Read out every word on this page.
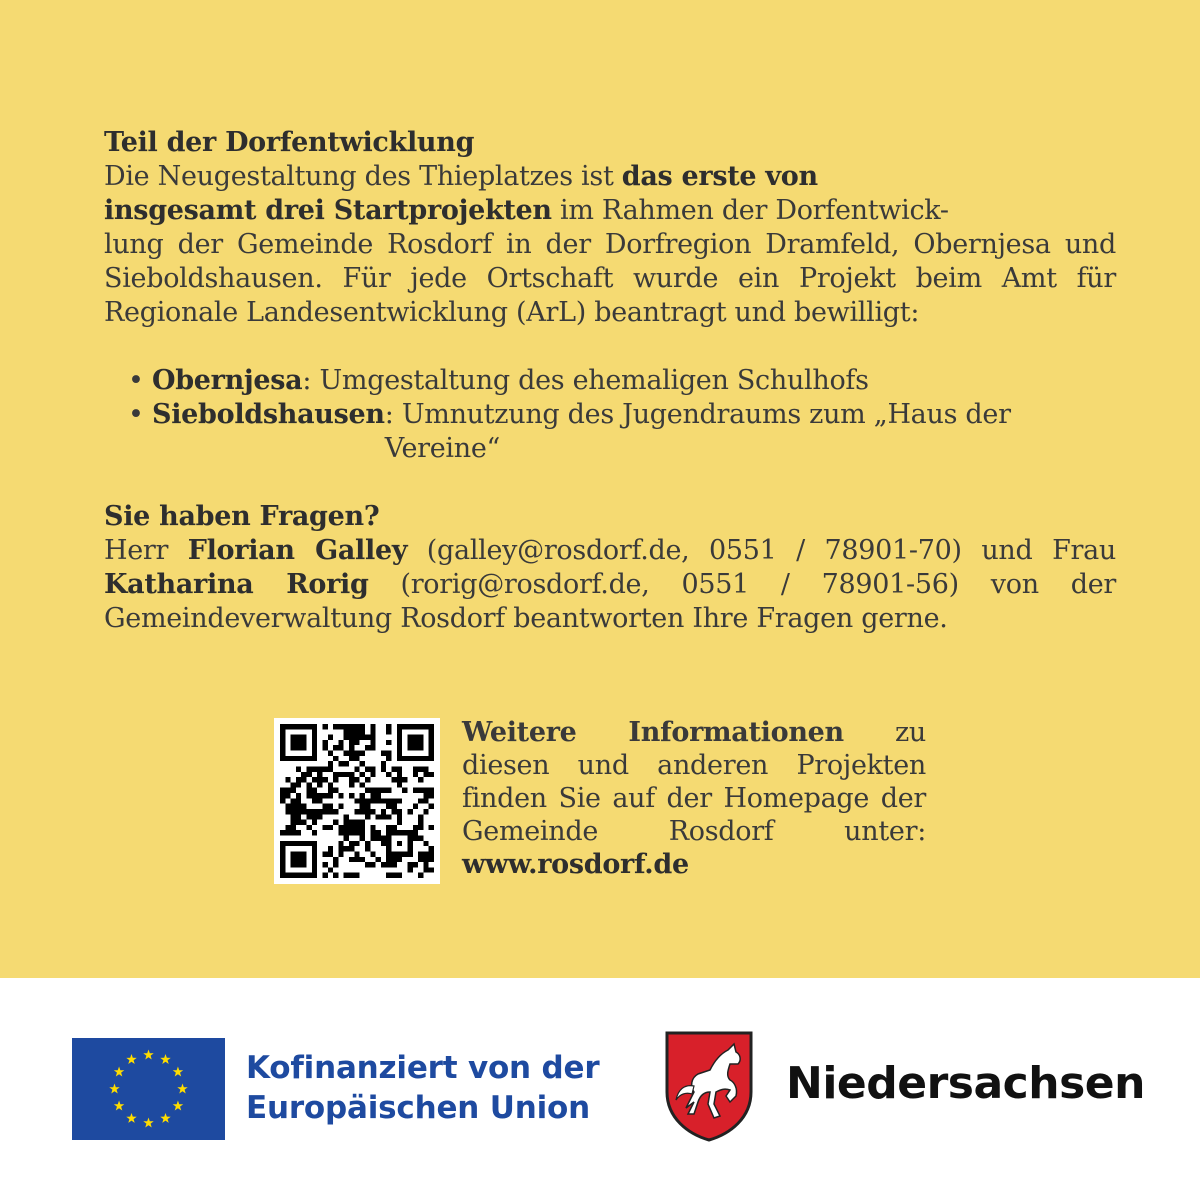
Teil der Dorfentwicklung
Die Neugestaltung des Thieplatzes ist das erste von
insgesamt drei Startprojekten im Rahmen der Dorfentwick-
lung der Gemeinde Rosdorf in der Dorfregion Dramfeld, Obernjesa und Sieboldshausen. Für jede Ortschaft wurde ein Projekt beim Amt für Regionale Landesentwicklung (ArL) beantragt und bewilligt:
• Obernjesa : Umgestaltung des ehemaligen Schulhofs
• Sieboldshausen : Umnutzung des Jugendraums zum „Haus der Vereine“
Sie haben Fragen?
Herr Florian Galley (galley@rosdorf.de, 0551 / 78901-70) und Frau Katharina Rorig (rorig@rosdorf.de, 0551 / 78901-56) von der Gemeindeverwaltung Rosdorf beantworten Ihre Fragen gerne.
Weitere Informationen zu diesen und anderen Projekten finden Sie auf der Homepage der Gemeinde Rosdorf unter:
www.rosdorf.de
Kofinanziert von der
Europäischen Union	Niedersachsen
